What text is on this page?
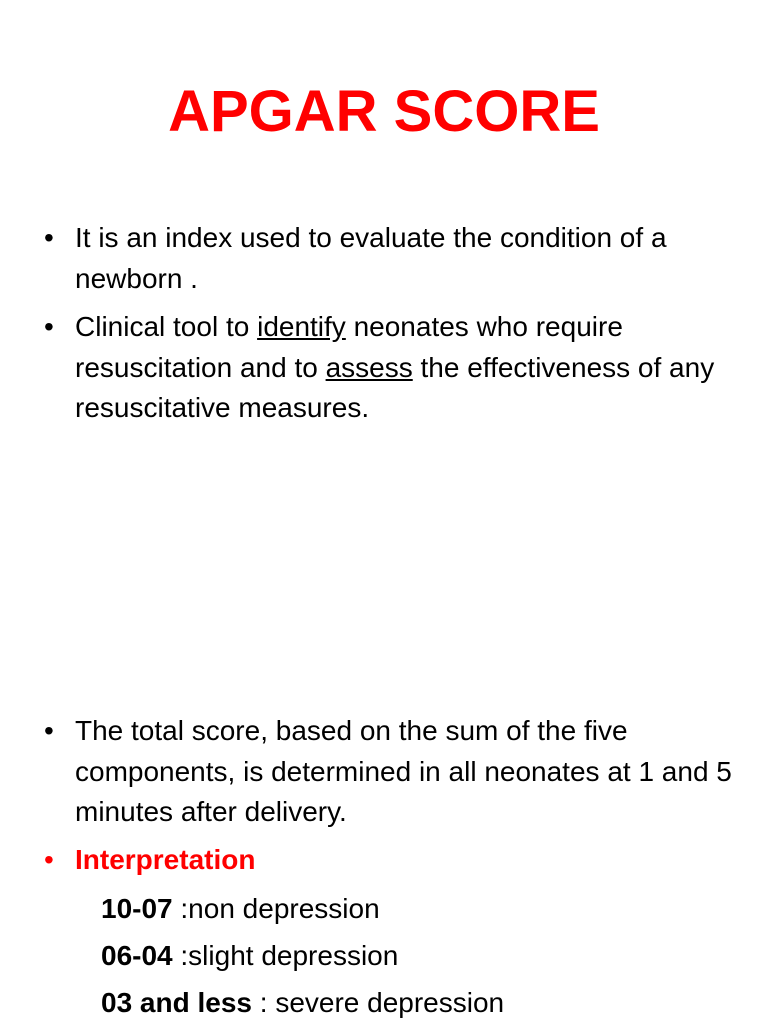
APGAR SCORE
• It is an index used to evaluate the condition of a newborn .
• Clinical tool to identify neonates who require resuscitation and to assess the effectiveness of any resuscitative measures.
• The total score, based on the sum of the five components, is determined in all neonates at 1 and 5 minutes after delivery.
• Interpretation
10-07 :non depression
06-04 :slight depression
03 and less : severe depression
